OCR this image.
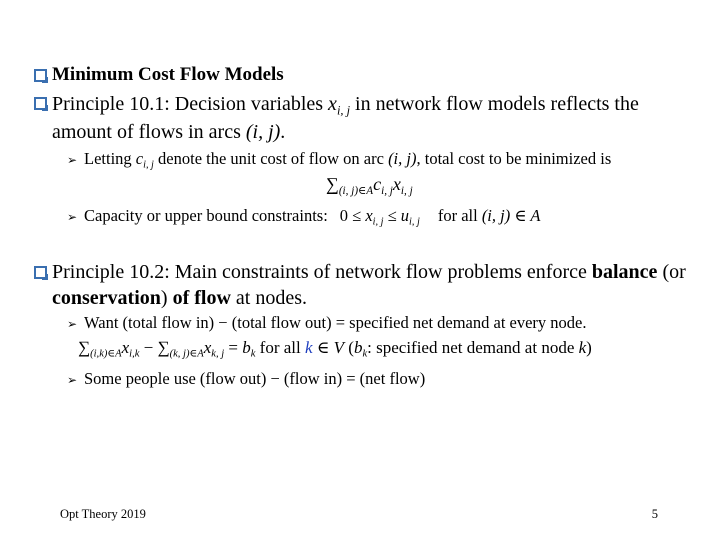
Minimum Cost Flow Models
Principle 10.1: Decision variables $x_{i, j}$ in network flow models reflects the
amount of flows in arcs (i, j).
➢ Letting $c_{i, j}$ denote the unit cost of flow on arc (i, j), total cost to be minimized is
$\sum_{(i, j)\in A}c_{i, j}x_{i, j}$
➢ Capacity or upper bound constraints: $0 \le x_{i, j} \le u_{i, j}$ for all (i, j) ∈ A
Principle 10.2: Main constraints of network flow problems enforce balance (or
conservation) of flow at nodes.
➢ Want (total flow in) − (total flow out) = specified net demand at every node.
$\sum_{(i,k)\in A}x_{i,k} - \sum_{(k, j)\in A}x_{k, j} = b_k$ for all k ∈ V ($b_k$: specified net demand at node k)
➢ Some people use (flow out) − (flow in) = (net flow)
Opt Theory 2019	5
